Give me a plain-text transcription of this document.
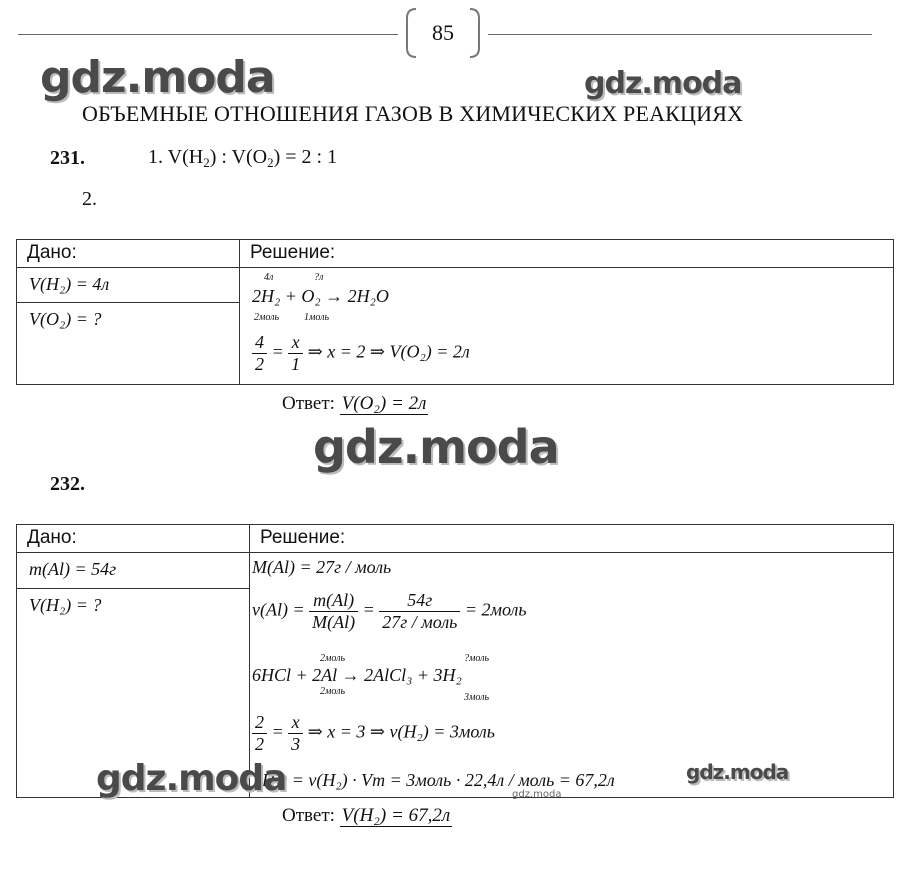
85
gdz.moda	gdz.moda
ОБЪЕМНЫЕ ОТНОШЕНИЯ ГАЗОВ В ХИМИЧЕСКИХ РЕАКЦИЯХ
231.	1. $V(H_2)$ : $V(O_2) = 2$ : 1
2.
Дано:	Решение:
V(H₂) = 4л	
V(O₂) = ?	
4л	?л
2H₂ + O₂ → 2H₂O
2моль 1моль
$\frac{4}{2} = \frac{x}{1}$ ⇒ x = 2 ⇒ V(O₂) = 2л
Ответ: V(O₂) = 2л
gdz.moda
232.
Дано:	Решение:
m(Al) = 54г	
V(H₂) = ?	
M(Al) = 27г / моль
$\nu(Al) = \frac{m(Al)}{M(Al)} = \frac{54г}{\text{27г / моль}}$ = 2моль
2моль	?моль
6HCl + 2Al → 2AlCl₃ + 3H₂
2моль
3моль
$\frac{2}{2} = \frac{x}{3}$ ⇒ x = 3 ⇒ ν(H₂) = 3моль
(H₂) = ν(H₂) · Vm = 3моль · 22,4л / моль = 67,2л
gdz.moda	gdz.moda
gdz.moda
Ответ: V(H₂) = 67,2л
